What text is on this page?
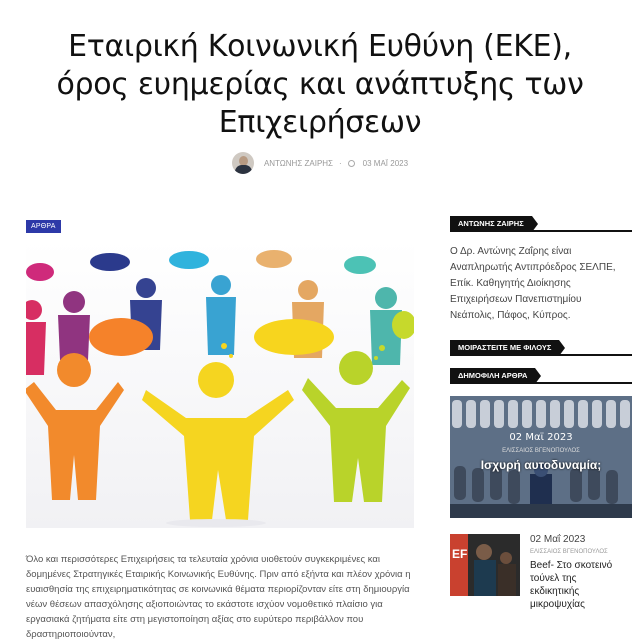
Εταιρική Κοινωνική Ευθύνη (ΕΚΕ), όρος ευημερίας και ανάπτυξης των Επιχειρήσεων
ΑΝΤΩΝΗΣ ΖΑΙΡΗΣ ·	03 ΜΑΪ 2023
ΑΡΘΡΑ

Όλο και περισσότερες Επιχειρήσεις τα τελευταία χρόνια υιοθετούν συγκεκριμένες και δομημένες Στρατηγικές Εταιρικής Κοινωνικής Ευθύνης. Πριν από εξήντα και πλέον χρόνια η ευαισθησία της επιχειρηματικότητας σε κοινωνικά θέματα περιορίζονταν είτε στη δημιουργία νέων θέσεων απασχόλησης αξιοποιώντας το εκάστοτε ισχύον νομοθετικό πλαίσιο για εργασιακά ζητήματα είτε στη μεγιστοποίηση αξίας στο ευρύτερο περιβάλλον που δραστηριοποιούνταν,

ΑΝΤΩΝΗΣ ΖΑΙΡΗΣ

Ο Δρ. Αντώνης Ζαΐρης είναι Αναπληρωτής Αντιπρόεδρος ΣΕΛΠΕ, Επίκ. Καθηγητής Διοίκησης Επιχειρήσεων Πανεπιστημίου Νεάπολις, Πάφος, Κύπρος.

ΜΟΙΡΑΣΤΕΙΤΕ ΜΕ ΦΙΛΟΥΣ
ΔΗΜΟΦΙΛΗ ΑΡΘΡΑ
02 Μαϊ 2023
ΕΛΙΣΣΑΙΟΣ ΒΓΕΝΟΠΟΥΛΟΣ
Ισχυρή αυτοδυναμία;
EF
02 Μαΐ 2023
ΕΛΙΣΣΑΙΟΣ ΒΓΕΝΟΠΟΥΛΟΣ
Beef- Στο σκοτεινό τούνελ της εκδικητικής μικροψυχίας
